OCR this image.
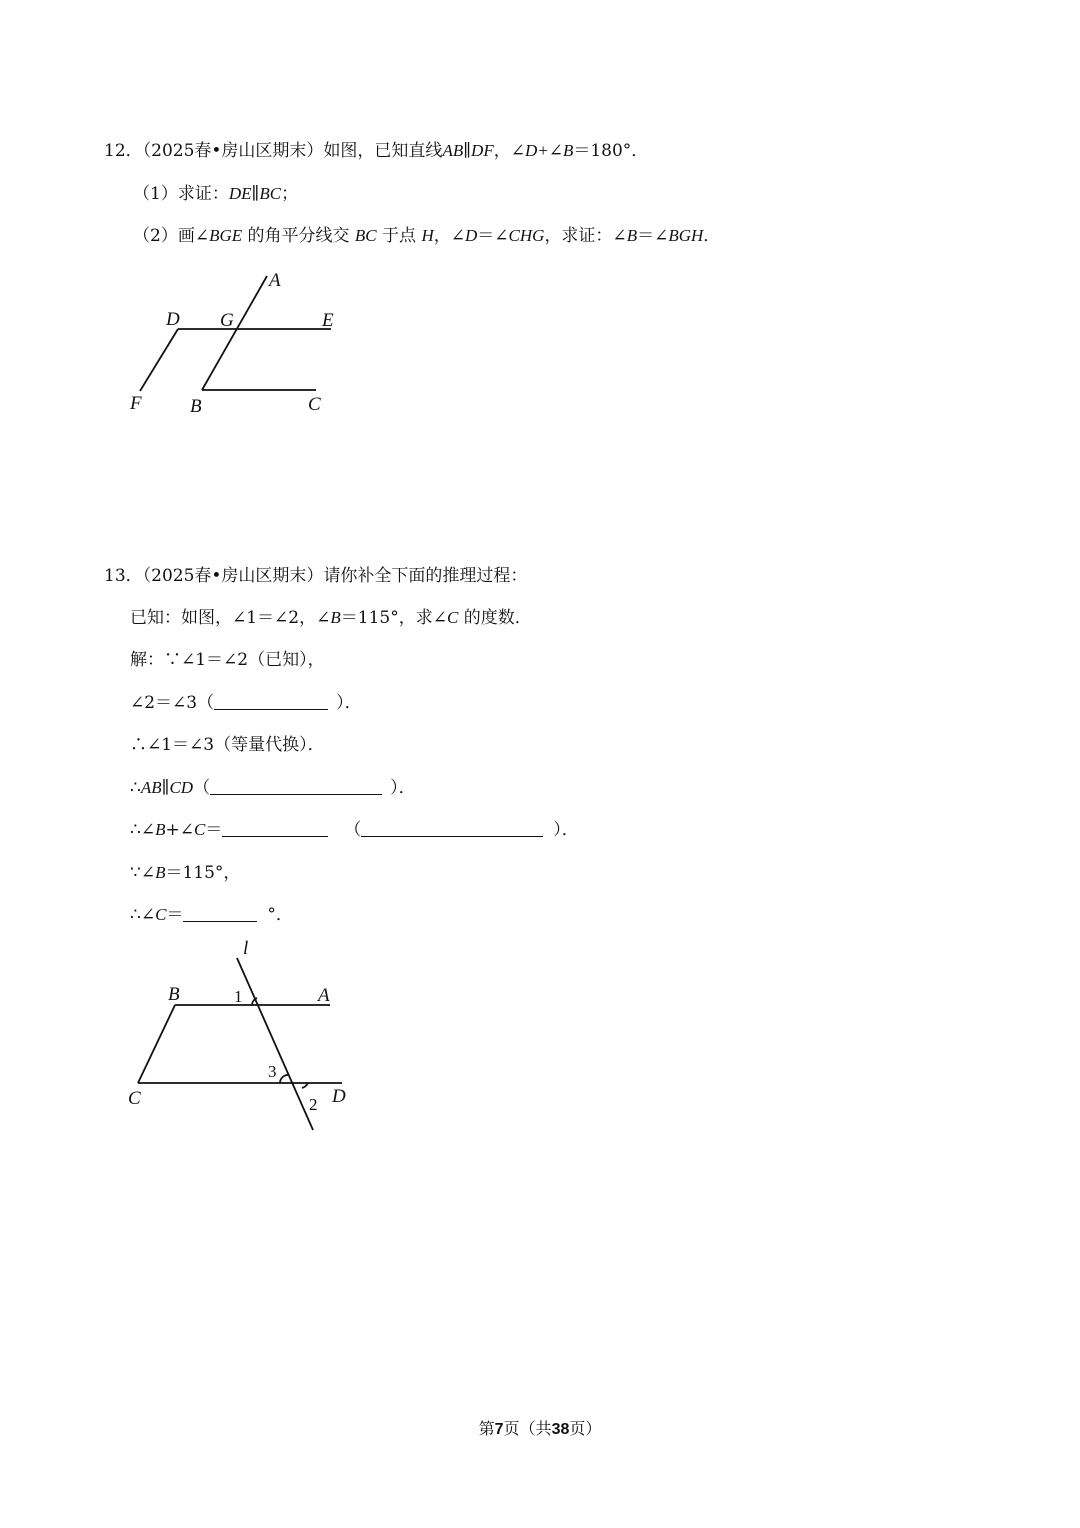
12．（2025春•房山区期末）如图，已知直线AB∥DF，∠D+∠B＝180°．
（1）求证：DE∥BC；
（2）画∠BGE 的角平分线交 BC 于点 H，∠D＝∠CHG，求证：∠B＝∠BGH．
A
D G	E
F	B	C
13．（2025春•房山区期末）请你补全下面的推理过程：
已知：如图，∠1＝∠2，∠B＝115°，求∠C 的度数．
解：∵∠1＝∠2（已知），
∠2＝∠3（	）．
∴∠1＝∠3（等量代换）．
∴AB∥CD（	）．
∴∠B+∠C＝	（	）．
∵∠B＝115°，
∴∠C＝	°．
l
B	1	A
3
C	2 D
第7页（共38页）
